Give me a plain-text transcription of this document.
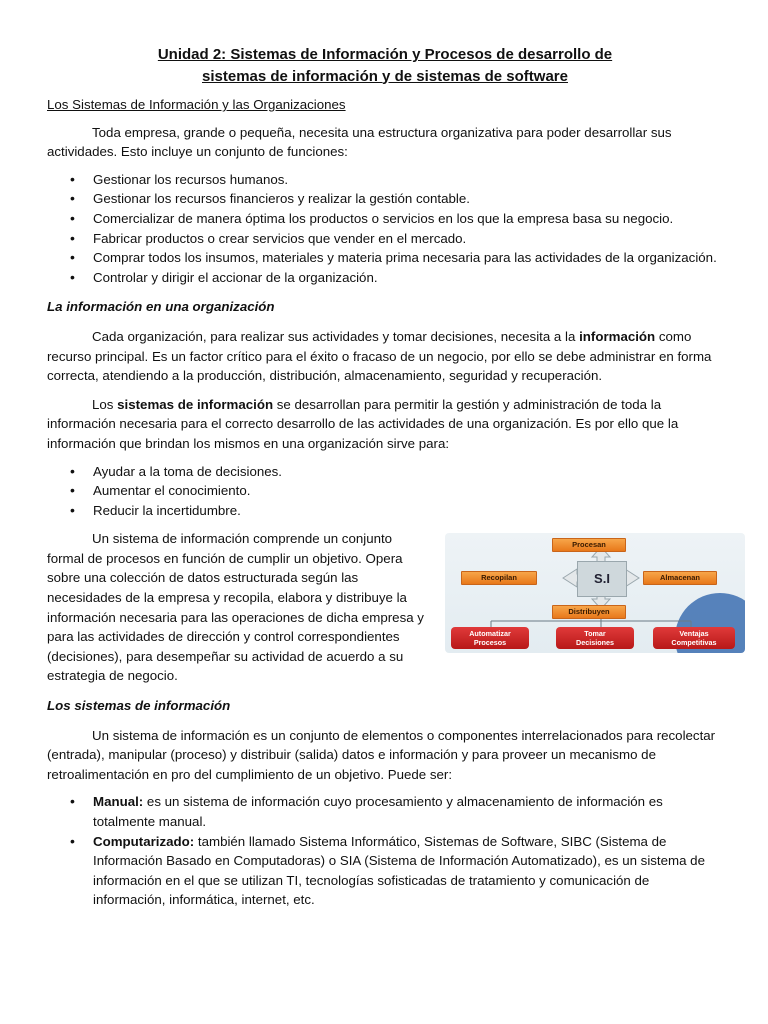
Unidad 2: Sistemas de Información y Procesos de desarrollo de
sistemas de información y de sistemas de software
Los Sistemas de Información y las Organizaciones

Toda empresa, grande o pequeña, necesita una estructura organizativa para poder desarrollar sus actividades. Esto incluye un conjunto de funciones:

• Gestionar los recursos humanos.
• Gestionar los recursos financieros y realizar la gestión contable.
• Comercializar de manera óptima los productos o servicios en los que la empresa basa su negocio.
• Fabricar productos o crear servicios que vender en el mercado.
• Comprar todos los insumos, materiales y materia prima necesaria para las actividades de la organización.
• Controlar y dirigir el accionar de la organización.
La información en una organización

Cada organización, para realizar sus actividades y tomar decisiones, necesita a la información como recurso principal. Es un factor crítico para el éxito o fracaso de un negocio, por ello se debe administrar en forma correcta, atendiendo a la producción, distribución, almacenamiento, seguridad y recuperación.

Los sistemas de información se desarrollan para permitir la gestión y administración de toda la información necesaria para el correcto desarrollo de las actividades de una organización. Es por ello que la información que brindan los mismos en una organización sirve para:

• Ayudar a la toma de decisiones.
• Aumentar el conocimiento.
• Reducir la incertidumbre.

Un sistema de información comprende un conjunto formal de procesos en función de cumplir un objetivo. Opera sobre una colección de datos estructurada según las necesidades de la empresa y recopila, elabora y distribuye la información necesaria para las operaciones de dicha empresa y para las actividades de dirección y control correspondientes (decisiones), para desempeñar su actividad de acuerdo a su estrategia de negocio.

S.I
Procesan
Recopilan	Almacenan
Distribuyen
Automatizar
Procesos
Tomar
Decisiones
Ventajas
Competitivas
Los sistemas de información

Un sistema de información es un conjunto de elementos o componentes interrelacionados para recolectar (entrada), manipular (proceso) y distribuir (salida) datos e información y para proveer un mecanismo de retroalimentación en pro del cumplimiento de un objetivo. Puede ser:

• Manual: es un sistema de información cuyo procesamiento y almacenamiento de información es totalmente manual.
• Computarizado: también llamado Sistema Informático, Sistemas de Software, SIBC (Sistema de Información Basado en Computadoras) o SIA (Sistema de Información Automatizado), es un sistema de información en el que se utilizan TI, tecnologías sofisticadas de tratamiento y comunicación de información, informática, internet, etc.
